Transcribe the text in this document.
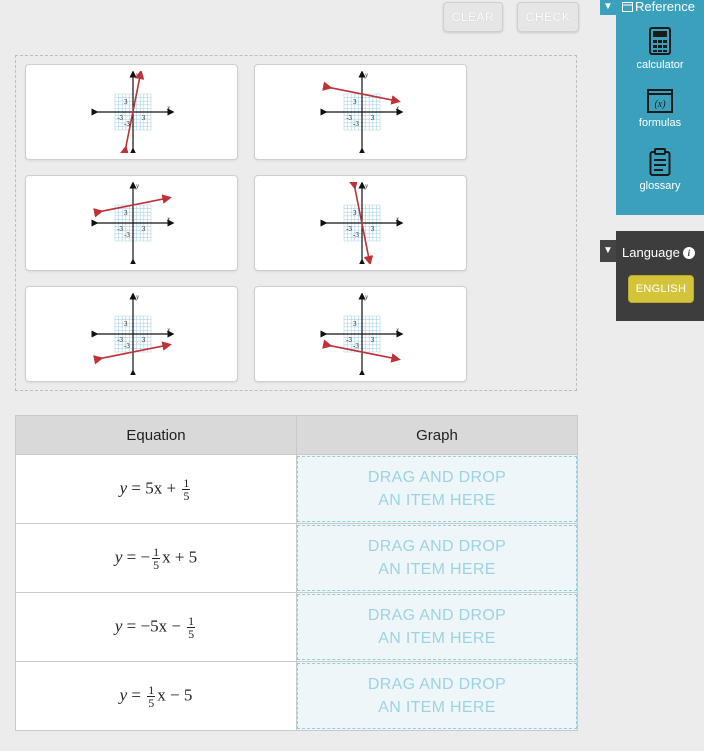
CLEAR	CHECK
y
x
3
3
-3
-3
y
x
3
3
-3
-3
y
x
3
3
-3
-3
y
x
3
3
-3
-3
y
x
3
3
-3
-3
y
x
3
3
-3
-3
Equation	Graph
$y = 5x + \frac{1}{5}$	DRAG AND DROP
AN ITEM HERE

y = − $\frac{1}{5}$ x + 5	DRAG AND DROP
AN ITEM HERE

$y = -5x - \frac{1}{5}$	DRAG AND DROP
AN ITEM HERE

$y = \frac{1}{5}$ x − 5	DRAG AND DROP
AN ITEM HERE
▼ Reference
calculator
(x)
formulas
glossary
▼ Language i
ENGLISH
